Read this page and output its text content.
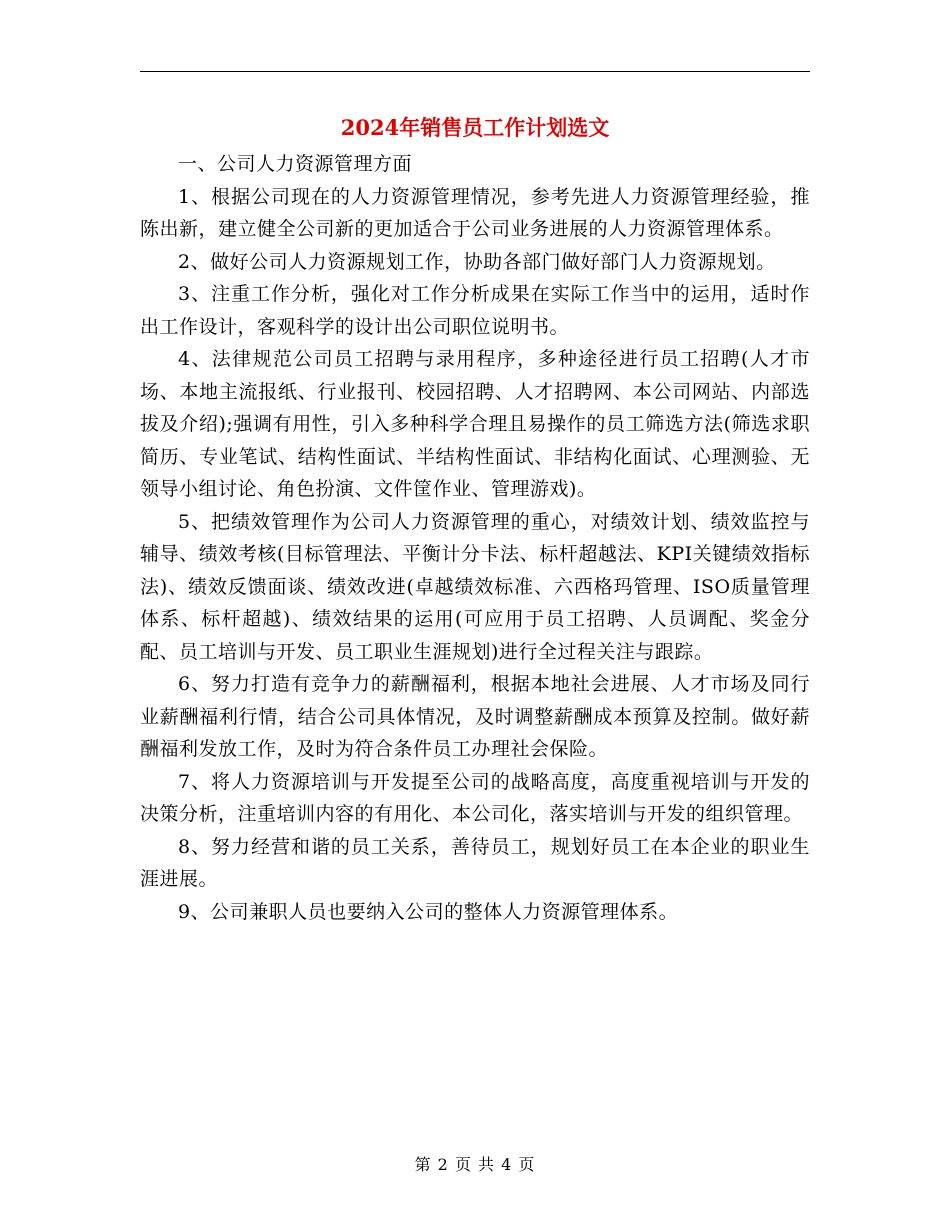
2024年销售员工作计划选文

一、公司人力资源管理方面

1、根据公司现在的人力资源管理情况，参考先进人力资源管理经验，推陈出新，建立健全公司新的更加适合于公司业务进展的人力资源管理体系。

2、做好公司人力资源规划工作，协助各部门做好部门人力资源规划。

3、注重工作分析，强化对工作分析成果在实际工作当中的运用，适时作出工作设计，客观科学的设计出公司职位说明书。

4、法律规范公司员工招聘与录用程序，多种途径进行员工招聘(人才市场、本地主流报纸、行业报刊、校园招聘、人才招聘网、本公司网站、内部选拔及介绍);强调有用性，引入多种科学合理且易操作的员工筛选方法(筛选求职简历、专业笔试、结构性面试、半结构性面试、非结构化面试、心理测验、无领导小组讨论、角色扮演、文件筐作业、管理游戏)。

5、把绩效管理作为公司人力资源管理的重心，对绩效计划、绩效监控与辅导、绩效考核(目标管理法、平衡计分卡法、标杆超越法、KPI关键绩效指标法)、绩效反馈面谈、绩效改进(卓越绩效标准、六西格玛管理、ISO质量管理体系、标杆超越)、绩效结果的运用(可应用于员工招聘、人员调配、奖金分配、员工培训与开发、员工职业生涯规划)进行全过程关注与跟踪。

6、努力打造有竞争力的薪酬福利，根据本地社会进展、人才市场及同行业薪酬福利行情，结合公司具体情况，及时调整薪酬成本预算及控制。做好薪酬福利发放工作，及时为符合条件员工办理社会保险。

7、将人力资源培训与开发提至公司的战略高度，高度重视培训与开发的决策分析，注重培训内容的有用化、本公司化，落实培训与开发的组织管理。

8、努力经营和谐的员工关系，善待员工，规划好员工在本企业的职业生涯进展。

9、公司兼职人员也要纳入公司的整体人力资源管理体系。

第 2 页 共 4 页
